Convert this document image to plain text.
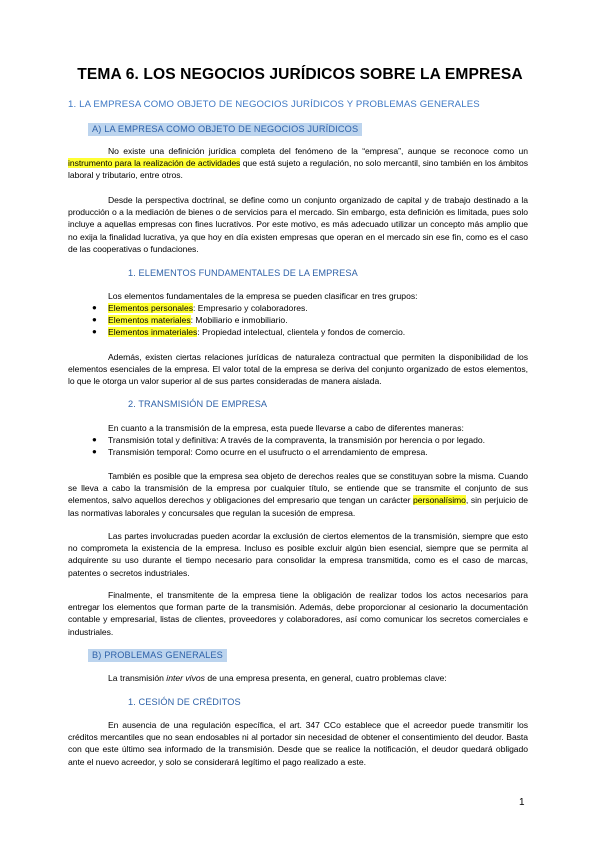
TEMA 6. LOS NEGOCIOS JURÍDICOS SOBRE LA EMPRESA
1. LA EMPRESA COMO OBJETO DE NEGOCIOS JURÍDICOS Y PROBLEMAS GENERALES
A) LA EMPRESA COMO OBJETO DE NEGOCIOS JURÍDICOS
No existe una definición jurídica completa del fenómeno de la “empresa”, aunque se reconoce como un instrumento para la realización de actividades que está sujeto a regulación, no solo mercantil, sino también en los ámbitos laboral y tributario, entre otros.
Desde la perspectiva doctrinal, se define como un conjunto organizado de capital y de trabajo destinado a la producción o a la mediación de bienes o de servicios para el mercado. Sin embargo, esta definición es limitada, pues solo incluye a aquellas empresas con fines lucrativos. Por este motivo, es más adecuado utilizar un concepto más amplio que no exija la finalidad lucrativa, ya que hoy en día existen empresas que operan en el mercado sin ese fin, como es el caso de las cooperativas o fundaciones.
1. ELEMENTOS FUNDAMENTALES DE LA EMPRESA
Los elementos fundamentales de la empresa se pueden clasificar en tres grupos:
● Elementos personales: Empresario y colaboradores.
● Elementos materiales: Mobiliario e inmobiliario.
● Elementos inmateriales: Propiedad intelectual, clientela y fondos de comercio.
Además, existen ciertas relaciones jurídicas de naturaleza contractual que permiten la disponibilidad de los elementos esenciales de la empresa. El valor total de la empresa se deriva del conjunto organizado de estos elementos, lo que le otorga un valor superior al de sus partes consideradas de manera aislada.
2. TRANSMISIÓN DE EMPRESA
En cuanto a la transmisión de la empresa, esta puede llevarse a cabo de diferentes maneras:
● Transmisión total y definitiva: A través de la compraventa, la transmisión por herencia o por legado.
● Transmisión temporal: Como ocurre en el usufructo o el arrendamiento de empresa.
También es posible que la empresa sea objeto de derechos reales que se constituyan sobre la misma. Cuando se lleva a cabo la transmisión de la empresa por cualquier título, se entiende que se transmite el conjunto de sus elementos, salvo aquellos derechos y obligaciones del empresario que tengan un carácter personalísimo, sin perjuicio de las normativas laborales y concursales que regulan la sucesión de empresa.
Las partes involucradas pueden acordar la exclusión de ciertos elementos de la transmisión, siempre que esto no comprometa la existencia de la empresa. Incluso es posible excluir algún bien esencial, siempre que se permita al adquirente su uso durante el tiempo necesario para consolidar la empresa transmitida, como es el caso de marcas, patentes o secretos industriales.
Finalmente, el transmitente de la empresa tiene la obligación de realizar todos los actos necesarios para entregar los elementos que forman parte de la transmisión. Además, debe proporcionar al cesionario la documentación contable y empresarial, listas de clientes, proveedores y colaboradores, así como comunicar los secretos comerciales e industriales.
B) PROBLEMAS GENERALES
La transmisión inter vivos de una empresa presenta, en general, cuatro problemas clave:
1. CESIÓN DE CRÉDITOS
En ausencia de una regulación específica, el art. 347 CCo establece que el acreedor puede transmitir los créditos mercantiles que no sean endosables ni al portador sin necesidad de obtener el consentimiento del deudor. Basta con que este último sea informado de la transmisión. Desde que se realice la notificación, el deudor quedará obligado ante el nuevo acreedor, y solo se considerará legítimo el pago realizado a este.
1
